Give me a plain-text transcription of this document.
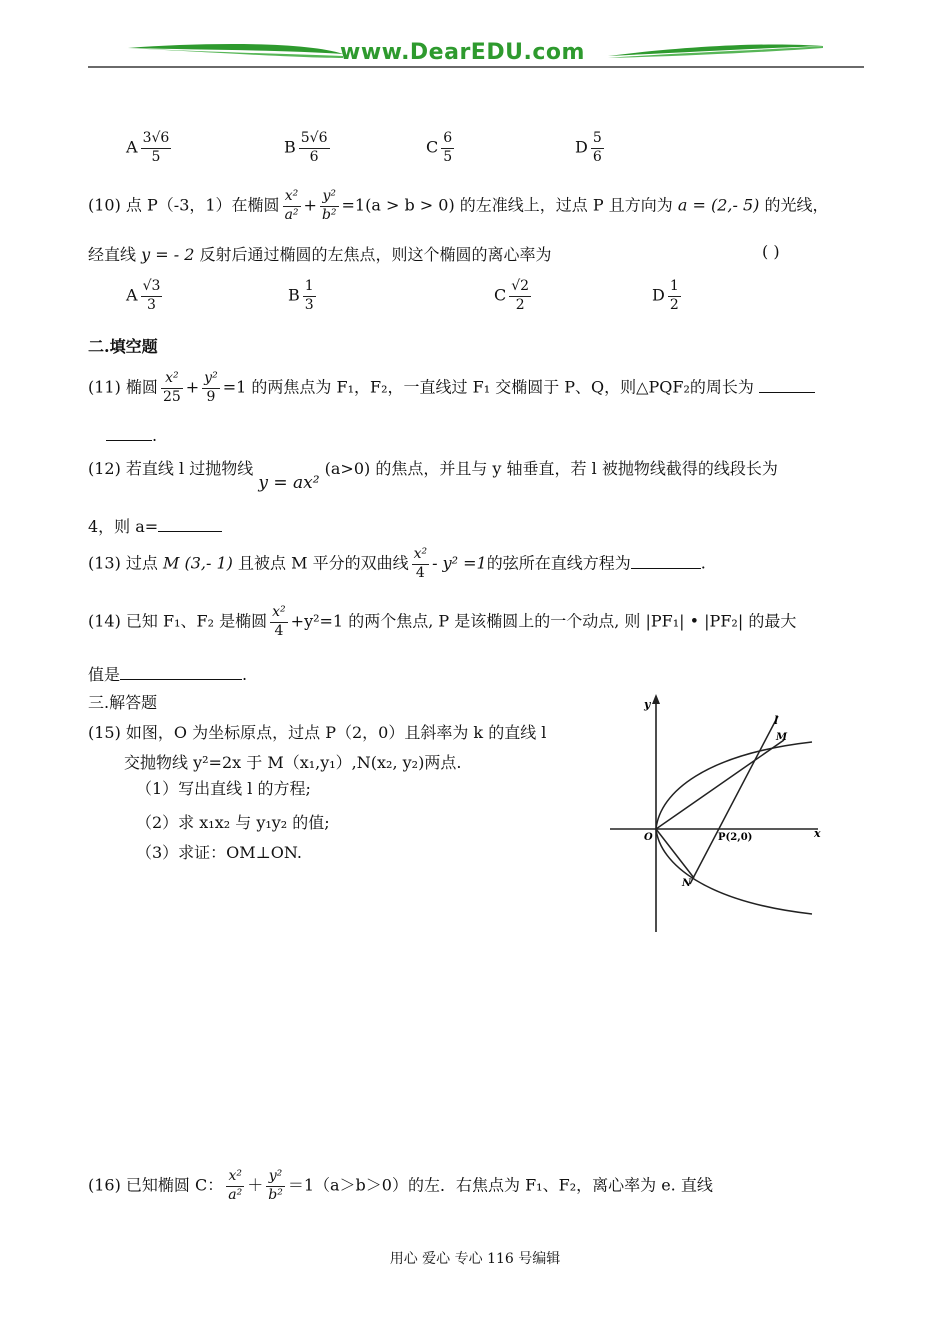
www.DearEDU.com
A $\frac{3√6}{5}$	B $\frac{5√6}{6}$	C $\frac{6}{5}$	D $\frac{5}{6}$
(10) 点 P（-3，1）在椭圆 $\frac{\text{x²}}{\text{a²}} + \frac{\text{y²}}{\text{b²}} =1(a > b > 0)$ 的左准线上，过点 P 且方向为 a = (2,- 5) 的光线，
经直线 y = - 2 反射后通过椭圆的左焦点，则这个椭圆的离心率为	( )
A $\frac{√3}{3}$	B $\frac{1}{3}$	C $\frac{√2}{2}$	D $\frac{1}{2}$
二.填空题
(11) 椭圆 $\frac{\text{x²}}{25} + \frac{\text{y²}}{9} =1$ 的两焦点为 F₁，F₂，一直线过 F₁ 交椭圆于 P、Q，则△PQF₂的周长为
.
(12) 若直线 l 过抛物线 y = ax² (a>0) 的焦点，并且与 y 轴垂直，若 l 被抛物线截得的线段长为
4，则 a=
(13) 过点 M (3,- 1) 且被点 M 平分的双曲线 $\frac{\text{x²}}{4} - y^2 =1$的弦所在直线方程为	.
(14) 已知 F₁、F₂ 是椭圆 $\frac{\text{x²}}{4} +y^2=1$ 的两个焦点, P 是该椭圆上的一个动点, 则 |PF₁| • |PF₂| 的最大
值是	.
三.解答题
(15) 如图，O 为坐标原点，过点 P（2，0）且斜率为 k 的直线 l
交抛物线 y²=2x 于 M（x₁,y₁）,N(x₂, y₂)两点.
（1）写出直线 l 的方程;
（2）求 x₁x₂ 与 y₁y₂ 的值;
（3）求证：OM⊥ON.
y
x
l
M
N
O	P(2,0)
(16) 已知椭圆 C： $\frac{\text{x²}}{\text{a²}} + \frac{\text{y²}}{\text{b²}} =1(a>b>0)$的左．右焦点为 F₁、F₂，离心率为 e. 直线
用心 爱心 专心 116 号编辑
